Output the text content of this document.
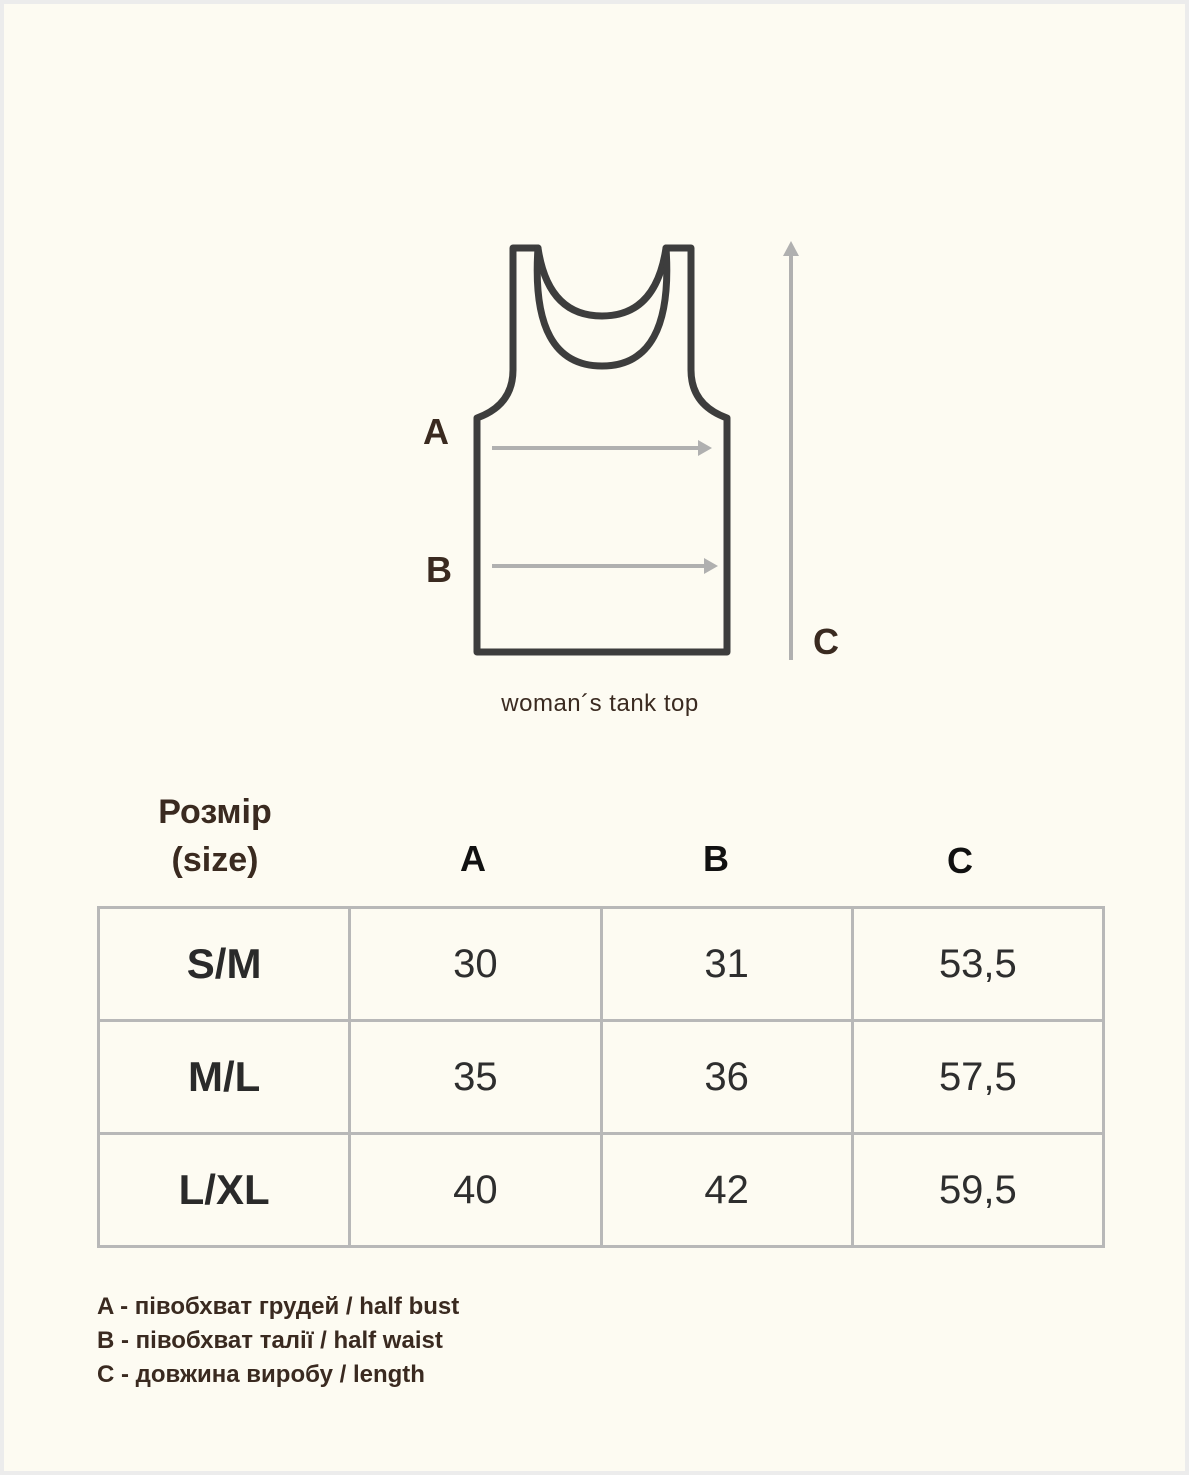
A
B
C
woman´s tank top
Розмір
(size)	A	B	C
S/M	30	31	53,5
M/L	35	36	57,5
L/XL	40	42	59,5
A - півобхват грудей / half bust
B - півобхват талії / half waist
C - довжина виробу / length
